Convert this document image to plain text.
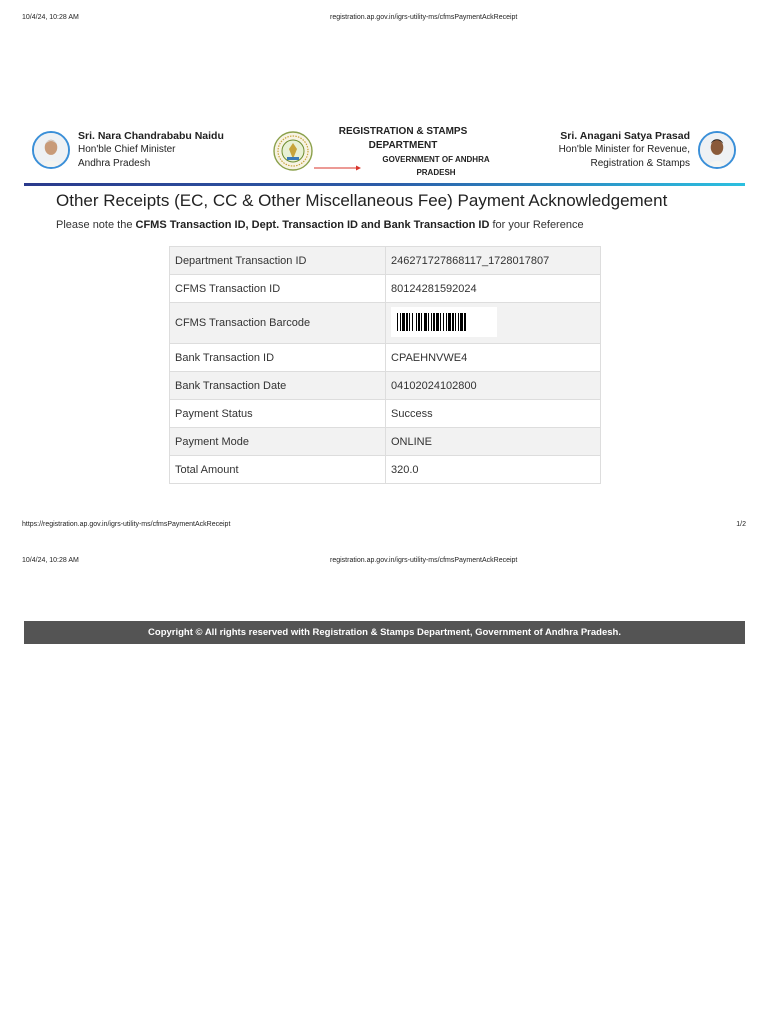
10/4/24, 10:28 AM	registration.ap.gov.in/igrs-utility-ms/cfmsPaymentAckReceipt
Sri. Nara Chandrababu Naidu
Hon'ble Chief Minister
Andhra Pradesh
REGISTRATION & STAMPS
DEPARTMENT
GOVERNMENT OF ANDHRA
PRADESH
Sri. Anagani Satya Prasad
Hon'ble Minister for Revenue,
Registration & Stamps
Other Receipts (EC, CC & Other Miscellaneous Fee) Payment Acknowledgement
Please note the CFMS Transaction ID, Dept. Transaction ID and Bank Transaction ID for your Reference
Department Transaction ID	246271727868117_1728017807
CFMS Transaction ID	80124281592024
CFMS Transaction Barcode	

Bank Transaction ID	CPAEHNVWE4
Bank Transaction Date	04102024102800
Payment Status	Success
Payment Mode	ONLINE
Total Amount	320.0
https://registration.ap.gov.in/igrs-utility-ms/cfmsPaymentAckReceipt	1/2
10/4/24, 10:28 AM	registration.ap.gov.in/igrs-utility-ms/cfmsPaymentAckReceipt
Copyright © All rights reserved with Registration & Stamps Department, Government of Andhra Pradesh.
